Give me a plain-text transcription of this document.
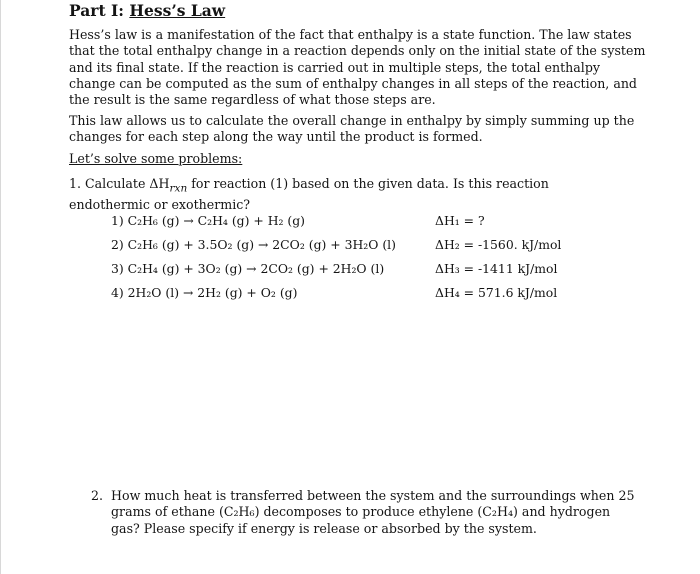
Part I: Hess’s Law
Hess’s law is a manifestation of the fact that enthalpy is a state function. The law states that the total enthalpy change in a reaction depends only on the initial state of the system and its final state. If the reaction is carried out in multiple steps, the total enthalpy change can be computed as the sum of enthalpy changes in all steps of the reaction, and the result is the same regardless of what those steps are.
This law allows us to calculate the overall change in enthalpy by simply summing up the changes for each step along the way until the product is formed.
Let’s solve some problems:
1. Calculate $\Delta H_{rxn}$ for reaction (1) based on the given data. Is this reaction endothermic or exothermic?
1) C₂H₆ (g) → C₂H₄ (g) + H₂ (g)	ΔH₁ = ?
2) C₂H₆ (g) + 3.5O₂ (g) → 2CO₂ (g) + 3H₂O (l)	ΔH₂ = -1560. kJ/mol
3) C₂H₄ (g) + 3O₂ (g) → 2CO₂ (g) + 2H₂O (l)	ΔH₃ = -1411 kJ/mol
4) 2H₂O (l) → 2H₂ (g) + O₂ (g)	ΔH₄ = 571.6 kJ/mol
2. How much heat is transferred between the system and the surroundings when 25 grams of ethane (C₂H₆) decomposes to produce ethylene (C₂H₄) and hydrogen gas? Please specify if energy is release or absorbed by the system.
